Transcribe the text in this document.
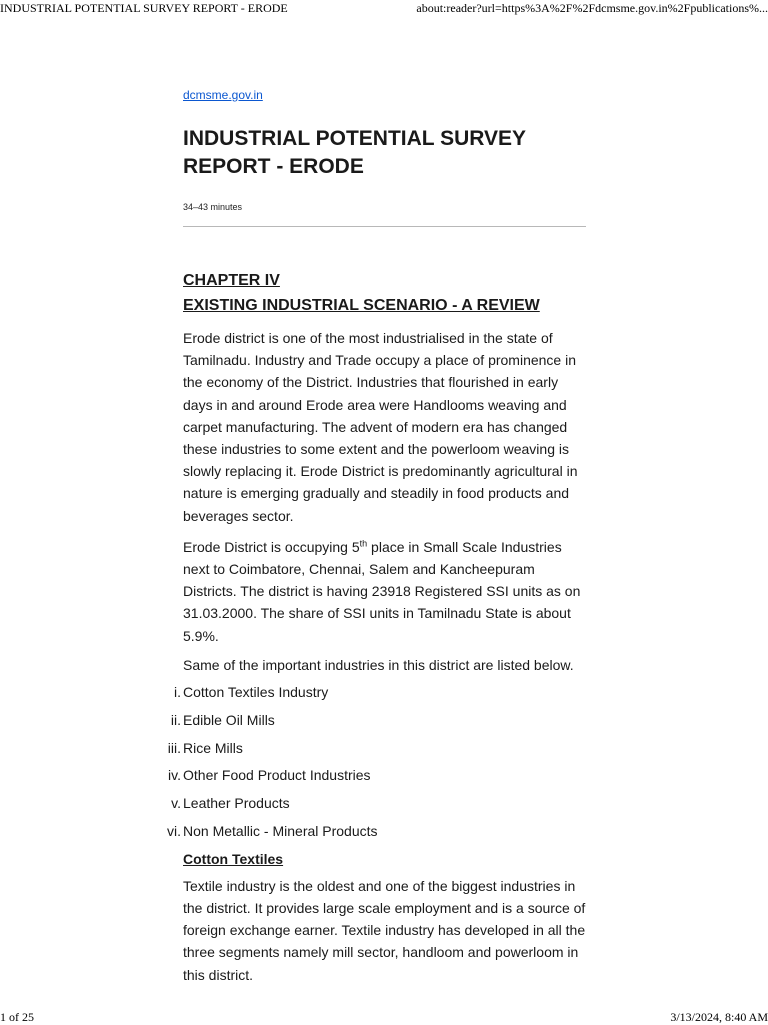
INDUSTRIAL POTENTIAL SURVEY REPORT - ERODE	about:reader?url=https%3A%2F%2Fdcmsme.gov.in%2Fpublications%...
dcmsme.gov.in
INDUSTRIAL POTENTIAL SURVEY REPORT - ERODE
34–43 minutes
CHAPTER IV
EXISTING INDUSTRIAL SCENARIO - A REVIEW

Erode district is one of the most industrialised in the state of Tamilnadu. Industry and Trade occupy a place of prominence in the economy of the District. Industries that flourished in early days in and around Erode area were Handlooms weaving and carpet manufacturing. The advent of modern era has changed these industries to some extent and the powerloom weaving is slowly replacing it. Erode District is predominantly agricultural in nature is emerging gradually and steadily in food products and beverages sector.

Erode District is occupying 5th place in Small Scale Industries next to Coimbatore, Chennai, Salem and Kancheepuram Districts. The district is having 23918 Registered SSI units as on 31.03.2000. The share of SSI units in Tamilnadu State is about 5.9%.

Same of the important industries in this district are listed below.

i. Cotton Textiles Industry
ii. Edible Oil Mills
iii. Rice Mills
iv. Other Food Product Industries
v. Leather Products
vi. Non Metallic - Mineral Products
Cotton Textiles

Textile industry is the oldest and one of the biggest industries in the district. It provides large scale employment and is a source of foreign exchange earner. Textile industry has developed in all the three segments namely mill sector, handloom and powerloom in this district.

1 of 25	3/13/2024, 8:40 AM
